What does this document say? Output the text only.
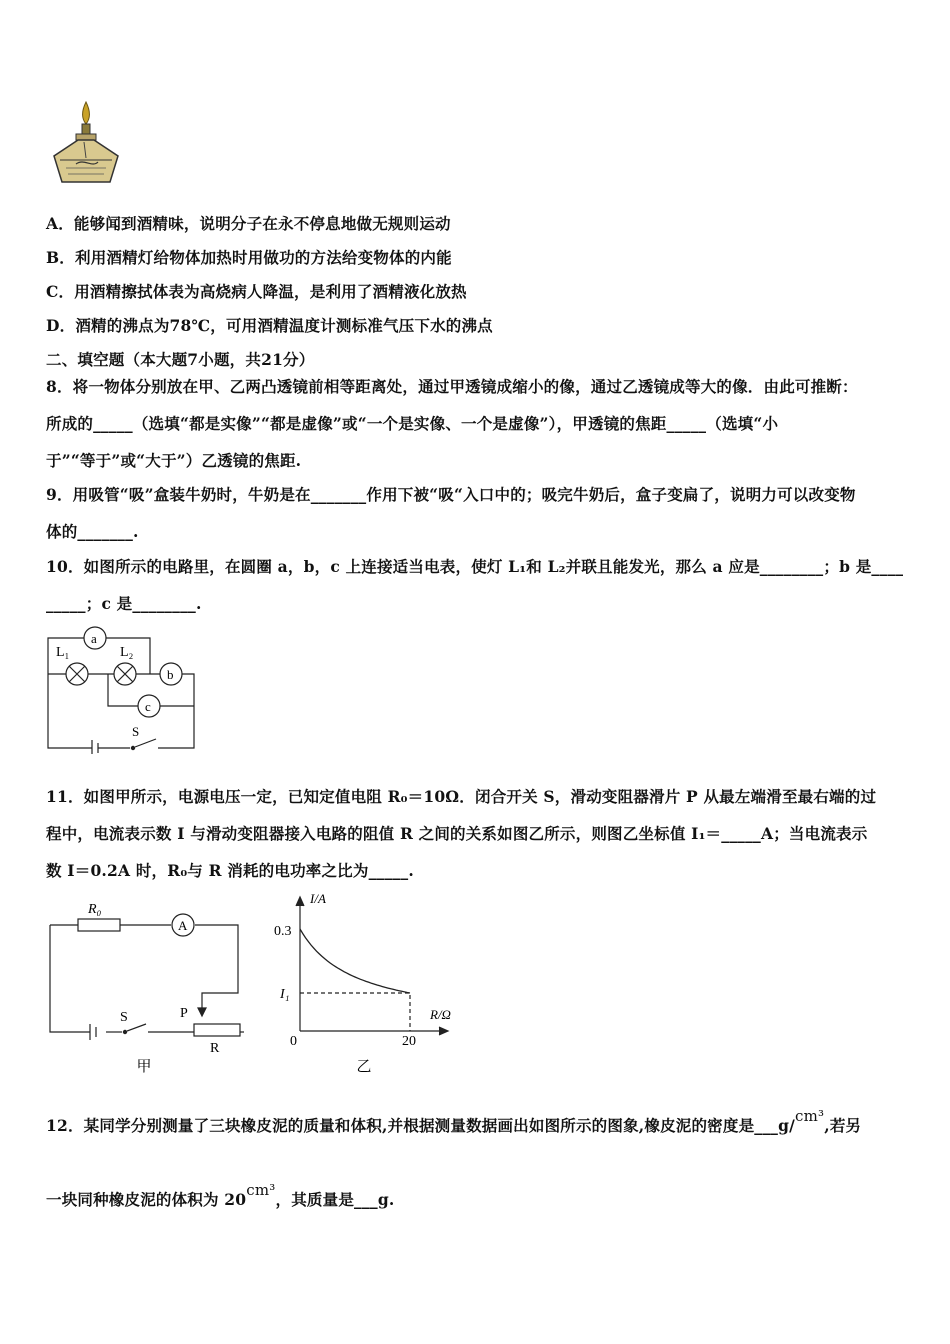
A．能够闻到酒精味，说明分子在永不停息地做无规则运动
B．利用酒精灯给物体加热时用做功的方法给变物体的内能
C．用酒精擦拭体表为高烧病人降温，是利用了酒精液化放热
D．酒精的沸点为78℃，可用酒精温度计测标准气压下水的沸点
二、填空题（本大题7小题，共21分）
8．将一物体分别放在甲、乙两凸透镜前相等距离处，通过甲透镜成缩小的像，通过乙透镜成等大的像．由此可推断：
所成的_____（选填“都是实像”“都是虚像”或“一个是实像、一个是虚像”），甲透镜的焦距_____（选填“小
于”“等于”或“大于”）乙透镜的焦距.
9．用吸管“吸”盒装牛奶时，牛奶是在_______作用下被“吸“入口中的；吸完牛奶后，盒子变扁了，说明力可以改变物
体的_______.
10．如图所示的电路里，在圆圈 a，b，c 上连接适当电表，使灯 L₁和 L₂并联且能发光，那么 a 应是________；b 是____
_____；c 是________.
a
b
c
L₁	L₂
S
11．如图甲所示，电源电压一定，已知定值电阻 R₀＝10Ω．闭合开关 S，滑动变阻器滑片 P 从最左端滑至最右端的过
程中，电流表示数 I 与滑动变阻器接入电路的阻值 R 之间的关系如图乙所示，则图乙坐标值 I₁＝_____A；当电流表示
数 I＝0.2A 时，R₀与 R 消耗的电功率之比为_____.
R₀
A
S	P
R
甲
I/A
R/Ω
0.3
I₁
0	20
乙
12．某同学分别测量了三块橡皮泥的质量和体积,并根据测量数据画出如图所示的图象,橡皮泥的密度是___g/cm³,若另
一块同种橡皮泥的体积为 20cm³，其质量是___g.
